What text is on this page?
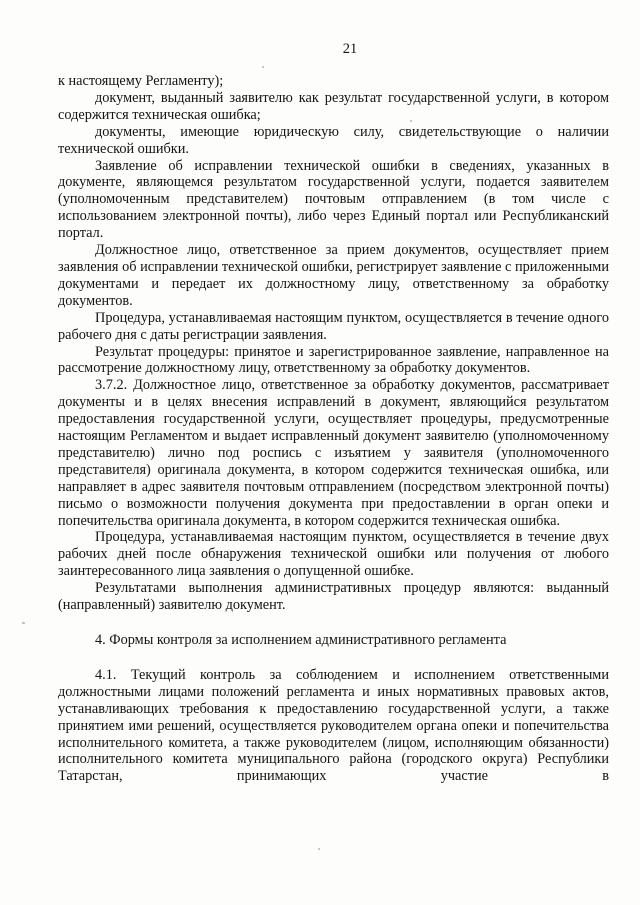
21

к настоящему Регламенту);

документ, выданный заявителю как результат государственной услуги, в котором содержится техническая ошибка;

документы, имеющие юридическую силу, свидетельствующие о наличии технической ошибки.

Заявление об исправлении технической ошибки в сведениях, указанных в документе, являющемся результатом государственной услуги, подается заявителем (уполномоченным представителем) почтовым отправлением (в том числе с использованием электронной почты), либо через Единый портал или Республиканский портал.

Должностное лицо, ответственное за прием документов, осуществляет прием заявления об исправлении технической ошибки, регистрирует заявление с приложенными документами и передает их должностному лицу, ответственному за обработку документов.

Процедура, устанавливаемая настоящим пунктом, осуществляется в течение одного рабочего дня с даты регистрации заявления.

Результат процедуры: принятое и зарегистрированное заявление, направленное на рассмотрение должностному лицу, ответственному за обработку документов.

3.7.2. Должностное лицо, ответственное за обработку документов, рассматривает документы и в целях внесения исправлений в документ, являющийся результатом предоставления государственной услуги, осуществляет процедуры, предусмотренные настоящим Регламентом и выдает исправленный документ заявителю (уполномоченному представителю) лично под роспись с изъятием у заявителя (уполномоченного представителя) оригинала документа, в котором содержится техническая ошибка, или направляет в адрес заявителя почтовым отправлением (посредством электронной почты) письмо о возможности получения документа при предоставлении в орган опеки и попечительства оригинала документа, в котором содержится техническая ошибка.

Процедура, устанавливаемая настоящим пунктом, осуществляется в течение двух рабочих дней после обнаружения технической ошибки или получения от любого заинтересованного лица заявления о допущенной ошибке.

Результатами выполнения административных процедур являются: выданный (направленный) заявителю документ.

4. Формы контроля за исполнением административного регламента

4.1. Текущий контроль за соблюдением и исполнением ответственными должностными лицами положений регламента и иных нормативных правовых актов, устанавливающих требования к предоставлению государственной услуги, а также принятием ими решений, осуществляется руководителем органа опеки и попечительства исполнительного комитета, а также руководителем (лицом, исполняющим обязанности) исполнительного комитета муниципального района (городского округа) Республики Татарстан, принимающих участие в
